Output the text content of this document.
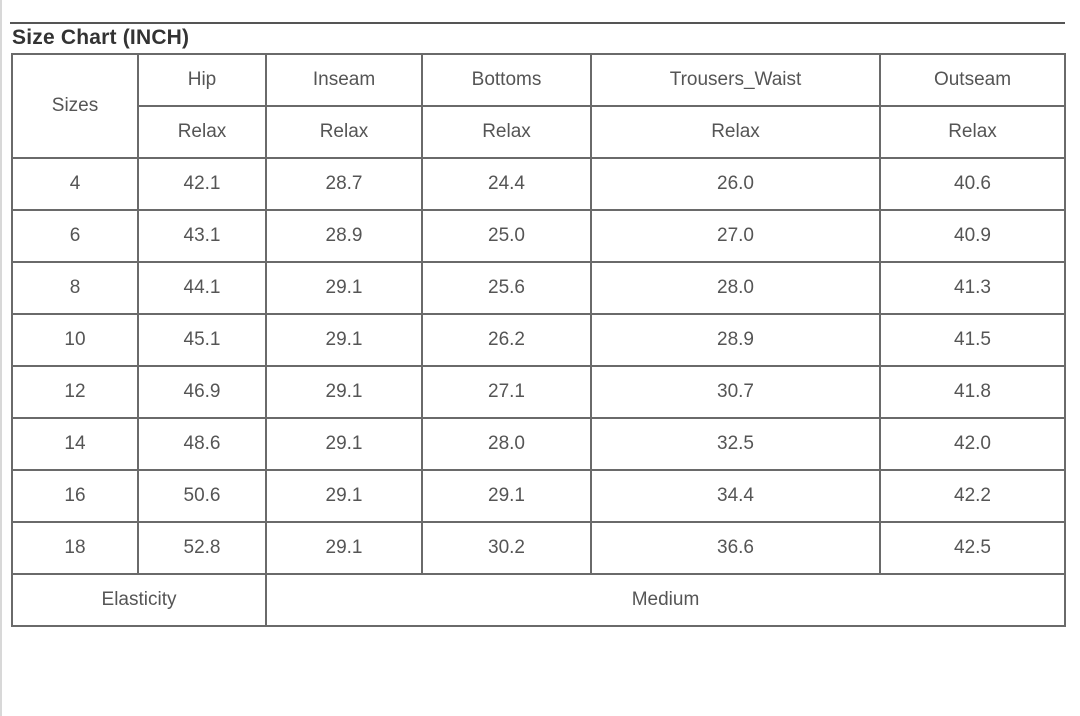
Size Chart (INCH)
Sizes	Hip	Inseam	Bottoms	Trousers_Waist	Outseam
	Relax	Relax	Relax	Relax	Relax
4	42.1	28.7	24.4	26.0	40.6
6	43.1	28.9	25.0	27.0	40.9
8	44.1	29.1	25.6	28.0	41.3
10	45.1	29.1	26.2	28.9	41.5
12	46.9	29.1	27.1	30.7	41.8
14	48.6	29.1	28.0	32.5	42.0
16	50.6	29.1	29.1	34.4	42.2
18	52.8	29.1	30.2	36.6	42.5
Elasticity		Medium			
